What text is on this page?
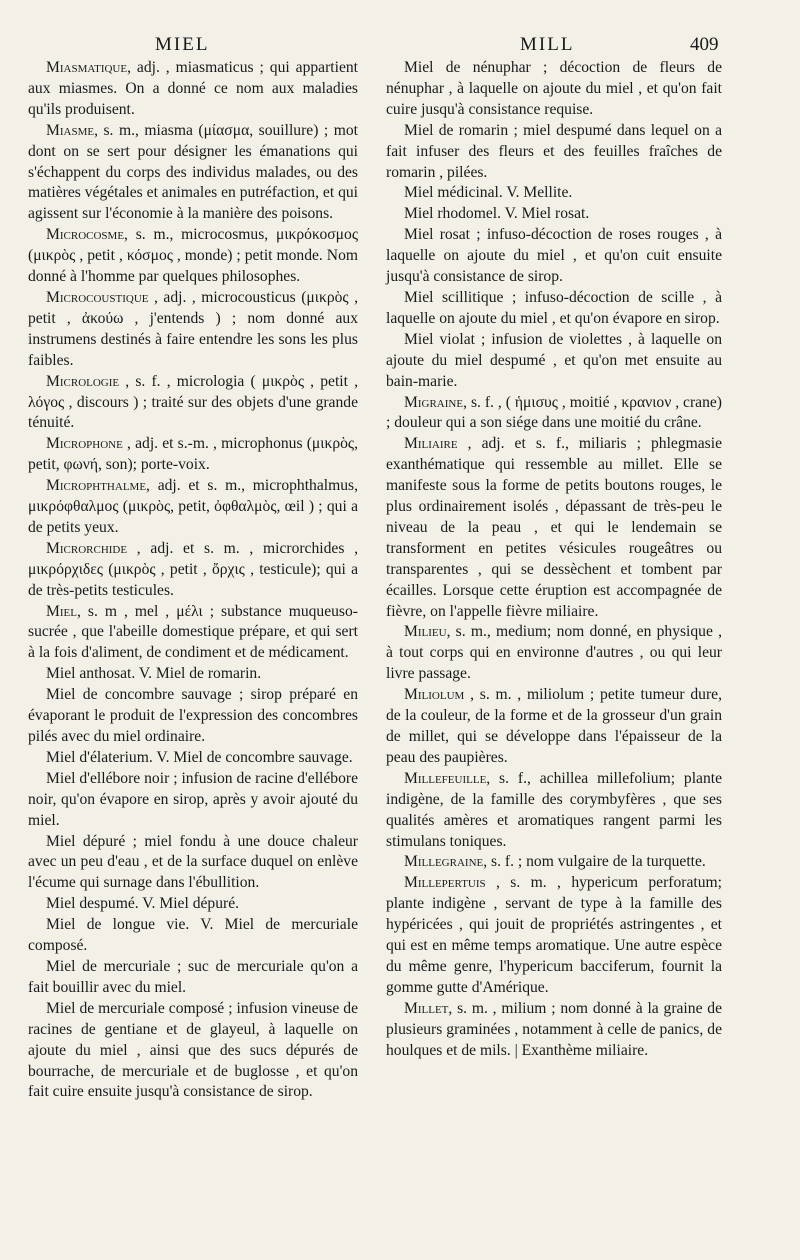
MIEL	MILL	409

Miasmatique, adj. , miasmaticus ; qui appartient aux miasmes. On a donné ce nom aux maladies qu'ils produisent.

Miasme, s. m., miasma (μίασμα, souillure) ; mot dont on se sert pour désigner les émanations qui s'échappent du corps des individus malades, ou des matières végétales et animales en putréfaction, et qui agissent sur l'économie à la manière des poisons.

Microcosme, s. m., microcosmus, μικρόκοσμος (μικρὸς , petit , κόσμος , monde) ; petit monde. Nom donné à l'homme par quelques philosophes.

Microcoustique , adj. , microcousticus (μικρὸς , petit , ἀκούω , j'entends ) ; nom donné aux instrumens destinés à faire entendre les sons les plus faibles.

Micrologie , s. f. , micrologia ( μικρὸς , petit , λόγος , discours ) ; traité sur des objets d'une grande ténuité.

Microphone , adj. et s.-m. , microphonus (μικρὸς, petit, φωνή, son); porte-voix.

Microphthalme, adj. et s. m., microphthalmus, μικρόφθαλμος (μικρὸς, petit, ὀφθαλμὸς, œil ) ; qui a de petits yeux.

Microrchide , adj. et s. m. , microrchides , μικρόρχιδες (μικρὸς , petit , ὄρχις , testicule); qui a de très-petits testicules.

Miel, s. m , mel , μέλι ; substance muqueuso-sucrée , que l'abeille domestique prépare, et qui sert à la fois d'aliment, de condiment et de médicament.

Miel anthosat. V. Miel de romarin.

Miel de concombre sauvage ; sirop préparé en évaporant le produit de l'expression des concombres pilés avec du miel ordinaire.

Miel d'élaterium. V. Miel de concombre sauvage.

Miel d'ellébore noir ; infusion de racine d'ellébore noir, qu'on évapore en sirop, après y avoir ajouté du miel.

Miel dépuré ; miel fondu à une douce chaleur avec un peu d'eau , et de la surface duquel on enlève l'écume qui surnage dans l'ébullition.

Miel despumé. V. Miel dépuré.

Miel de longue vie. V. Miel de mercuriale composé.

Miel de mercuriale ; suc de mercuriale qu'on a fait bouillir avec du miel.

Miel de mercuriale composé ; infusion vineuse de racines de gentiane et de glayeul, à laquelle on ajoute du miel , ainsi que des sucs dépurés de bourrache, de mercuriale et de buglosse , et qu'on fait cuire ensuite jusqu'à consistance de sirop.

Miel de nénuphar ; décoction de fleurs de nénuphar , à laquelle on ajoute du miel , et qu'on fait cuire jusqu'à consistance requise.

Miel de romarin ; miel despumé dans lequel on a fait infuser des fleurs et des feuilles fraîches de romarin , pilées.

Miel médicinal. V. Mellite.

Miel rhodomel. V. Miel rosat.

Miel rosat ; infuso-décoction de roses rouges , à laquelle on ajoute du miel , et qu'on cuit ensuite jusqu'à consistance de sirop.

Miel scillitique ; infuso-décoction de scille , à laquelle on ajoute du miel , et qu'on évapore en sirop.

Miel violat ; infusion de violettes , à laquelle on ajoute du miel despumé , et qu'on met ensuite au bain-marie.

Migraine, s. f. , ( ἡμισυς , moitié , κρανιον , crane) ; douleur qui a son siége dans une moitié du crâne.

Miliaire , adj. et s. f., miliaris ; phlegmasie exanthématique qui ressemble au millet. Elle se manifeste sous la forme de petits boutons rouges, le plus ordinairement isolés , dépassant de très-peu le niveau de la peau , et qui le lendemain se transforment en petites vésicules rougeâtres ou transparentes , qui se dessèchent et tombent par écailles. Lorsque cette éruption est accompagnée de fièvre, on l'appelle fièvre miliaire.

Milieu, s. m., medium; nom donné, en physique , à tout corps qui en environne d'autres , ou qui leur livre passage.

Miliolum , s. m. , miliolum ; petite tumeur dure, de la couleur, de la forme et de la grosseur d'un grain de millet, qui se développe dans l'épaisseur de la peau des paupières.

Millefeuille, s. f., achillea millefolium; plante indigène, de la famille des corymbyfères , que ses qualités amères et aromatiques rangent parmi les stimulans toniques.

Millegraine, s. f. ; nom vulgaire de la turquette.

Millepertuis , s. m. , hypericum perforatum; plante indigène , servant de type à la famille des hypéricées , qui jouit de propriétés astringentes , et qui est en même temps aromatique. Une autre espèce du même genre, l'hypericum bacciferum, fournit la gomme gutte d'Amérique.

Millet, s. m. , milium ; nom donné à la graine de plusieurs graminées , notamment à celle de panics, de houlques et de mils. | Exanthème miliaire.
